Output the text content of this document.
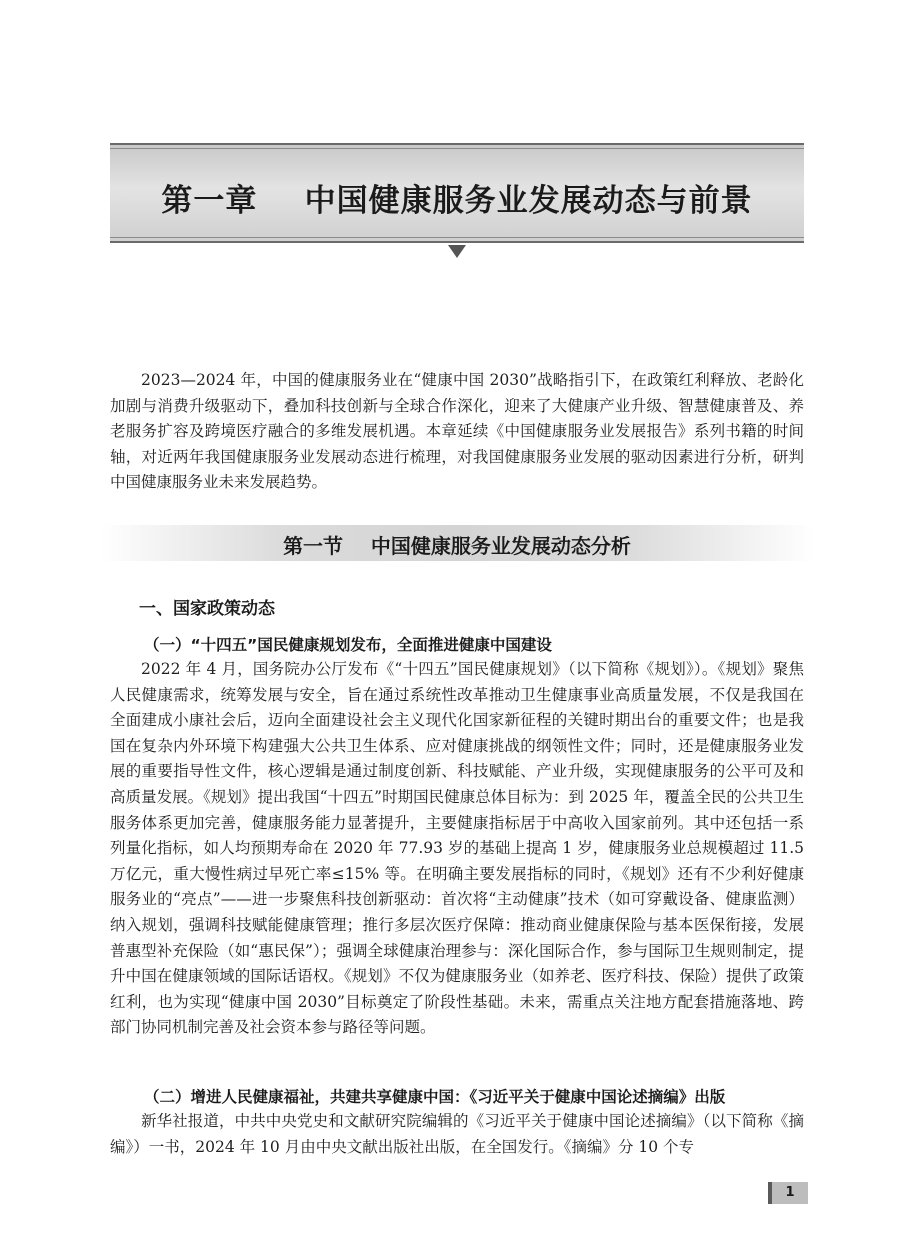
第一章    中国健康服务业发展动态与前景

2023—2024 年，中国的健康服务业在“健康中国 2030”战略指引下，在政策红利释放、老龄化加剧与消费升级驱动下，叠加科技创新与全球合作深化，迎来了大健康产业升级、智慧健康普及、养老服务扩容及跨境医疗融合的多维发展机遇。本章延续《中国健康服务业发展报告》系列书籍的时间轴，对近两年我国健康服务业发展动态进行梳理，对我国健康服务业发展的驱动因素进行分析，研判中国健康服务业未来发展趋势。

第一节    中国健康服务业发展动态分析
一、国家政策动态
（一）“十四五”国民健康规划发布，全面推进健康中国建设

2022 年 4 月，国务院办公厅发布《“十四五”国民健康规划》（以下简称《规划》）。《规划》聚焦人民健康需求，统筹发展与安全，旨在通过系统性改革推动卫生健康事业高质量发展，不仅是我国在全面建成小康社会后，迈向全面建设社会主义现代化国家新征程的关键时期出台的重要文件；也是我国在复杂内外环境下构建强大公共卫生体系、应对健康挑战的纲领性文件；同时，还是健康服务业发展的重要指导性文件，核心逻辑是通过制度创新、科技赋能、产业升级，实现健康服务的公平可及和高质量发展。《规划》提出我国“十四五”时期国民健康总体目标为：到 2025 年，覆盖全民的公共卫生服务体系更加完善，健康服务能力显著提升，主要健康指标居于中高收入国家前列。其中还包括一系列量化指标，如人均预期寿命在 2020 年 77.93 岁的基础上提高 1 岁，健康服务业总规模超过 11.5 万亿元，重大慢性病过早死亡率≤15% 等。在明确主要发展指标的同时，《规划》还有不少利好健康服务业的“亮点”——进一步聚焦科技创新驱动：首次将“主动健康”技术（如可穿戴设备、健康监测）纳入规划，强调科技赋能健康管理；推行多层次医疗保障：推动商业健康保险与基本医保衔接，发展普惠型补充保险（如“惠民保”）；强调全球健康治理参与：深化国际合作，参与国际卫生规则制定，提升中国在健康领域的国际话语权。《规划》不仅为健康服务业（如养老、医疗科技、保险）提供了政策红利，也为实现“健康中国 2030”目标奠定了阶段性基础。未来，需重点关注地方配套措施落地、跨部门协同机制完善及社会资本参与路径等问题。

（二）增进人民健康福祉，共建共享健康中国：《习近平关于健康中国论述摘编》出版

新华社报道，中共中央党史和文献研究院编辑的《习近平关于健康中国论述摘编》（以下简称《摘编》）一书，2024 年 10 月由中央文献出版社出版，在全国发行。《摘编》分 10 个专

1
